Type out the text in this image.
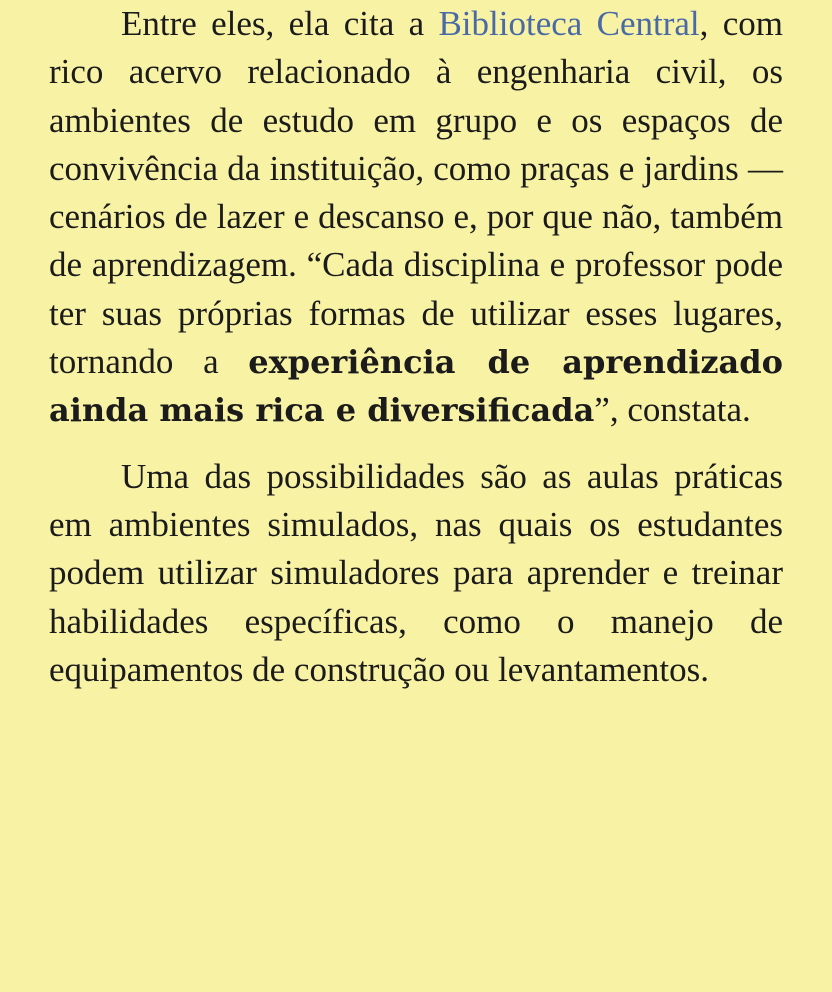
Entre eles, ela cita a Biblioteca Central, com rico acervo relacionado à engenharia civil, os ambientes de estudo em grupo e os espaços de convivência da instituição, como praças e jardins — cenários de lazer e descanso e, por que não, também de aprendizagem. “Cada disciplina e professor pode ter suas próprias formas de utilizar esses lugares, tornando a experiência de aprendizado ainda mais rica e diversificada”, constata.

Uma das possibilidades são as aulas práticas em ambientes simulados, nas quais os estudantes podem utilizar simuladores para aprender e treinar habilidades específicas, como o manejo de equipamentos de construção ou levantamentos.
